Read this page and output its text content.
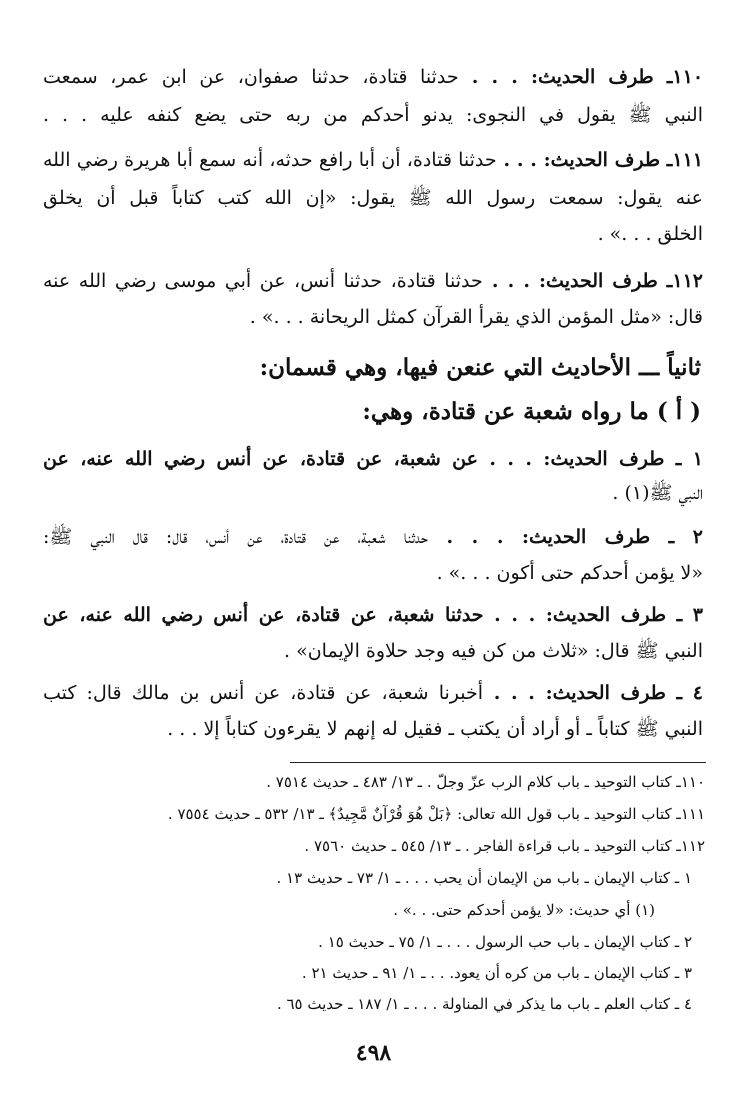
١١٠ـ طرف الحديث: . . . حدثنا قتادة، حدثنا صفوان، عن ابن عمر، سمعت
النبي ﷺ يقول في النجوى: يدنو أحدكم من ربه حتى يضع كنفه عليه . . .
١١١ـ طرف الحديث: . . . حدثنا قتادة، أن أبا رافع حدثه، أنه سمع أبا هريرة رضي الله
عنه يقول: سمعت رسول الله ﷺ يقول: «إن الله كتب كتاباً قبل أن يخلق
الخلق . . .» .
١١٢ـ طرف الحديث: . . . حدثنا قتادة، حدثنا أنس، عن أبي موسى رضي الله عنه
قال: «مثل المؤمن الذي يقرأ القرآن كمثل الريحانة . . .» .
ثانياً ـــ الأحاديث التي عنعن فيها، وهي قسمان:
( أ ) ما رواه شعبة عن قتادة، وهي:
١ ـ طرف الحديث: . . . عن شعبة، عن قتادة، عن أنس رضي الله عنه، عن
النبي ﷺ(١) .
٢ ـ طرف الحديث: . . . حدثنا شعبة، عن قتادة، عن أنس، قال: قال النبي ﷺ:
«لا يؤمن أحدكم حتى أكون . . .» .
٣ ـ طرف الحديث: . . . حدثنا شعبة، عن قتادة، عن أنس رضي الله عنه، عن
النبي ﷺ قال: «ثلاث من كن فيه وجد حلاوة الإيمان» .
٤ ـ طرف الحديث: . . . أخبرنا شعبة، عن قتادة، عن أنس بن مالك قال: كتب
النبي ﷺ كتاباً ـ أو أراد أن يكتب ـ فقيل له إنهم لا يقرءون كتاباً إلا . . .
١١٠ـ كتاب التوحيد ـ باب كلام الرب عزّ وجلّ . ـ ١٣/ ٤٨٣ ـ حديث ٧٥١٤ .
١١١ـ كتاب التوحيد ـ باب قول الله تعالى: ﴿بَلْ هُوَ قُرْآنٌ مَّجِيدٌ﴾ ـ ١٣/ ٥٣٢ ـ حديث ٧٥٥٤ .
١١٢ـ كتاب التوحيد ـ باب قراءة الفاجر . ـ ١٣/ ٥٤٥ ـ حديث ٧٥٦٠ .
١ ـ كتاب الإيمان ـ باب من الإيمان أن يحب . . . ـ ١/ ٧٣ ـ حديث ١٣ .
(١) أي حديث: «لا يؤمن أحدكم حتى. . .» .
٢ ـ كتاب الإيمان ـ باب حب الرسول . . . ـ ١/ ٧٥ ـ حديث ١٥ .
٣ ـ كتاب الإيمان ـ باب من كره أن يعود. . . ـ ١/ ٩١ ـ حديث ٢١ .
٤ ـ كتاب العلم ـ باب ما يذكر في المناولة . . . ـ ١/ ١٨٧ ـ حديث ٦٥ .
٤٩٨
